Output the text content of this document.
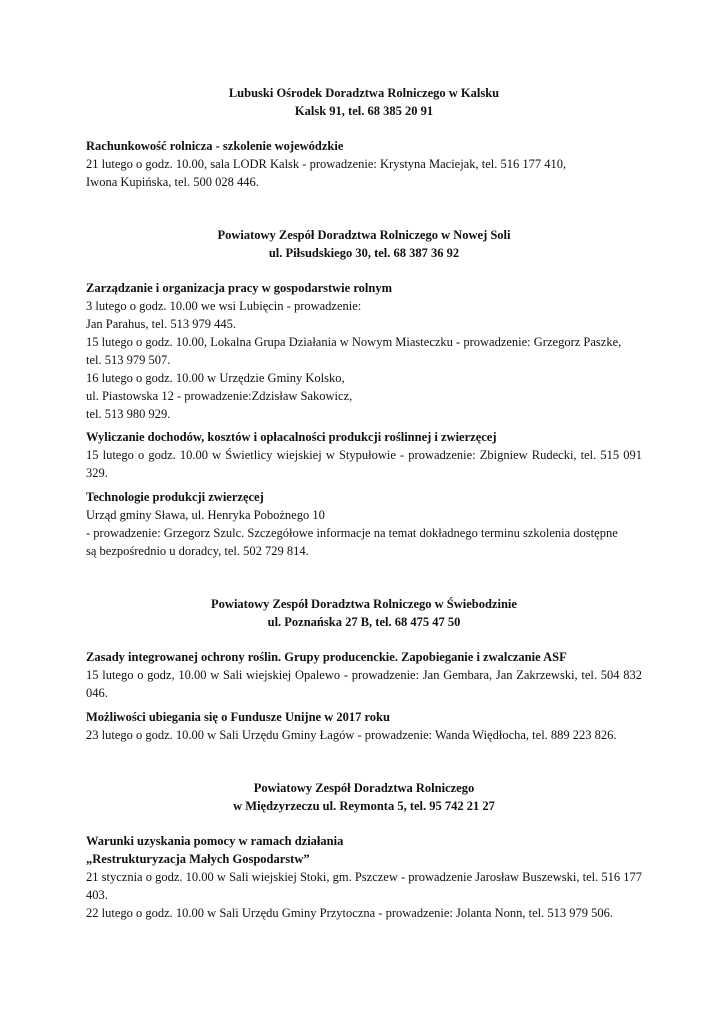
Lubuski Ośrodek Doradztwa Rolniczego w Kalsku
Kalsk 91, tel. 68 385 20 91
Rachunkowość rolnicza - szkolenie wojewódzkie
21 lutego o godz. 10.00, sala LODR Kalsk - prowadzenie: Krystyna Maciejak, tel. 516 177 410,
Iwona Kupińska, tel. 500 028 446.
Powiatowy Zespół Doradztwa Rolniczego w Nowej Soli
ul. Piłsudskiego 30, tel. 68 387 36 92
Zarządzanie i organizacja pracy w gospodarstwie rolnym
3 lutego o godz. 10.00 we wsi Lubięcin - prowadzenie:
Jan Parahus, tel. 513 979 445.
15 lutego o godz. 10.00, Lokalna Grupa Działania w Nowym Miasteczku - prowadzenie: Grzegorz Paszke,
tel. 513 979 507.
16 lutego o godz. 10.00 w Urzędzie Gminy Kolsko,
ul. Piastowska 12 - prowadzenie:Zdzisław Sakowicz,
tel. 513 980 929.
Wyliczanie dochodów, kosztów i opłacalności produkcji roślinnej i zwierzęcej
15 lutego o godz. 10.00 w Świetlicy wiejskiej w Stypułowie - prowadzenie: Zbigniew Rudecki, tel. 515 091 329.
Technologie produkcji zwierzęcej
Urząd gminy Sława, ul. Henryka Pobożnego 10
- prowadzenie: Grzegorz Szulc. Szczegółowe informacje na temat dokładnego terminu szkolenia dostępne
są bezpośrednio u doradcy, tel. 502 729 814.
Powiatowy Zespół Doradztwa Rolniczego w Świebodzinie
ul. Poznańska 27 B, tel. 68 475 47 50
Zasady integrowanej ochrony roślin. Grupy producenckie. Zapobieganie i zwalczanie ASF
15 lutego o godz, 10.00 w Sali wiejskiej Opalewo - prowadzenie: Jan Gembara, Jan Zakrzewski, tel. 504 832 046.
Możliwości ubiegania się o Fundusze Unijne w 2017 roku
23 lutego o godz. 10.00 w Sali Urzędu Gminy Łagów - prowadzenie: Wanda Więdłocha, tel. 889 223 826.
Powiatowy Zespół Doradztwa Rolniczego
w Międzyrzeczu ul. Reymonta 5, tel. 95 742 21 27
Warunki uzyskania pomocy w ramach działania
„Restrukturyzacja Małych Gospodarstw”
21 stycznia o godz. 10.00 w Sali wiejskiej Stoki, gm. Pszczew - prowadzenie Jarosław Buszewski, tel. 516 177 403.
22 lutego o godz. 10.00 w Sali Urzędu Gminy Przytoczna - prowadzenie: Jolanta Nonn, tel. 513 979 506.
